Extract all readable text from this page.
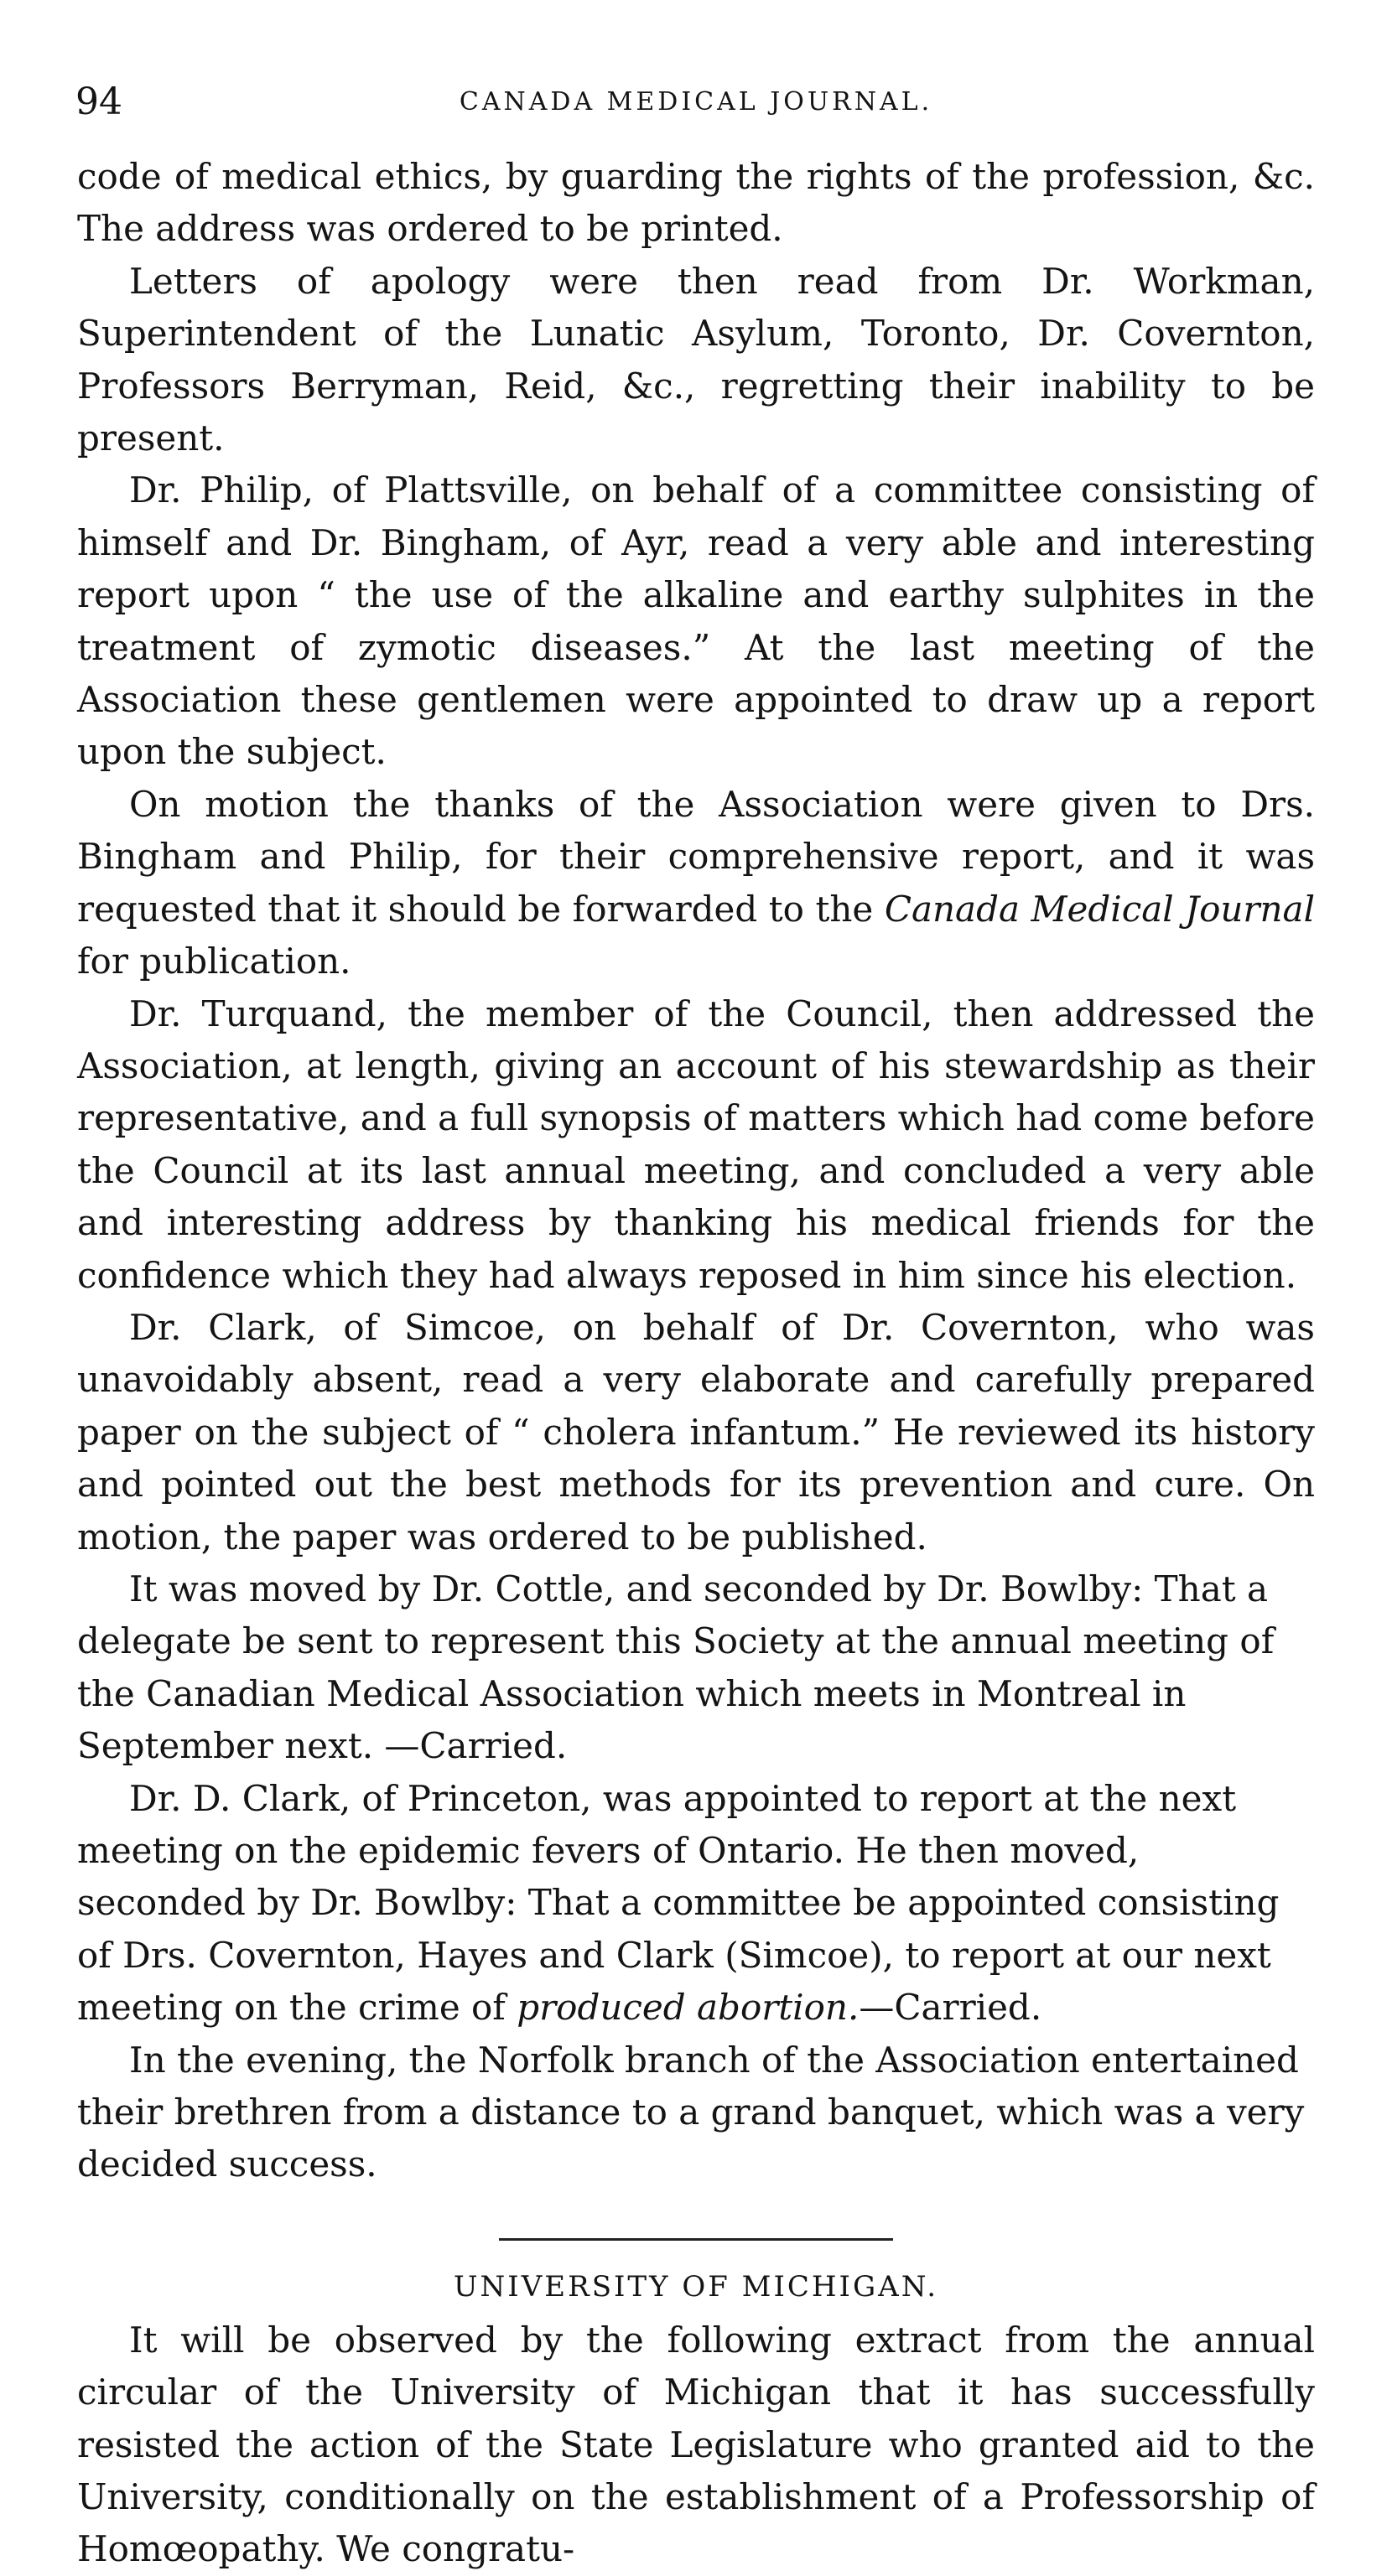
94	CANADA MEDICAL JOURNAL.

code of medical ethics, by guarding the rights of the profession, &c. The address was ordered to be printed.

Letters of apology were then read from Dr. Workman, Superintendent of the Lunatic Asylum, Toronto, Dr. Covernton, Professors Berryman, Reid, &c., regretting their inability to be present.

Dr. Philip, of Plattsville, on behalf of a committee consisting of himself and Dr. Bingham, of Ayr, read a very able and interesting report upon “ the use of the alkaline and earthy sulphites in the treatment of zymotic diseases.” At the last meeting of the Association these gentlemen were appointed to draw up a report upon the subject.

On motion the thanks of the Association were given to Drs. Bingham and Philip, for their comprehensive report, and it was requested that it should be forwarded to the Canada Medical Journal for publication.

Dr. Turquand, the member of the Council, then addressed the Association, at length, giving an account of his stewardship as their representative, and a full synopsis of matters which had come before the Council at its last annual meeting, and concluded a very able and interesting address by thanking his medical friends for the confidence which they had always reposed in him since his election.

Dr. Clark, of Simcoe, on behalf of Dr. Covernton, who was unavoidably absent, read a very elaborate and carefully prepared paper on the subject of “ cholera infantum.” He reviewed its history and pointed out the best methods for its prevention and cure. On motion, the paper was ordered to be published.

It was moved by Dr. Cottle, and seconded by Dr. Bowlby: That a delegate be sent to represent this Society at the annual meeting of the Canadian Medical Association which meets in Montreal in September next. —Carried.

Dr. D. Clark, of Princeton, was appointed to report at the next meeting on the epidemic fevers of Ontario. He then moved, seconded by Dr. Bowlby: That a committee be appointed consisting of Drs. Covernton, Hayes and Clark (Simcoe), to report at our next meeting on the crime of produced abortion.—Carried.

In the evening, the Norfolk branch of the Association entertained their brethren from a distance to a grand banquet, which was a very decided success.

UNIVERSITY OF MICHIGAN.

It will be observed by the following extract from the annual circular of the University of Michigan that it has successfully resisted the action of the State Legislature who granted aid to the University, conditionally on the establishment of a Professorship of Homœopathy. We congratu-
